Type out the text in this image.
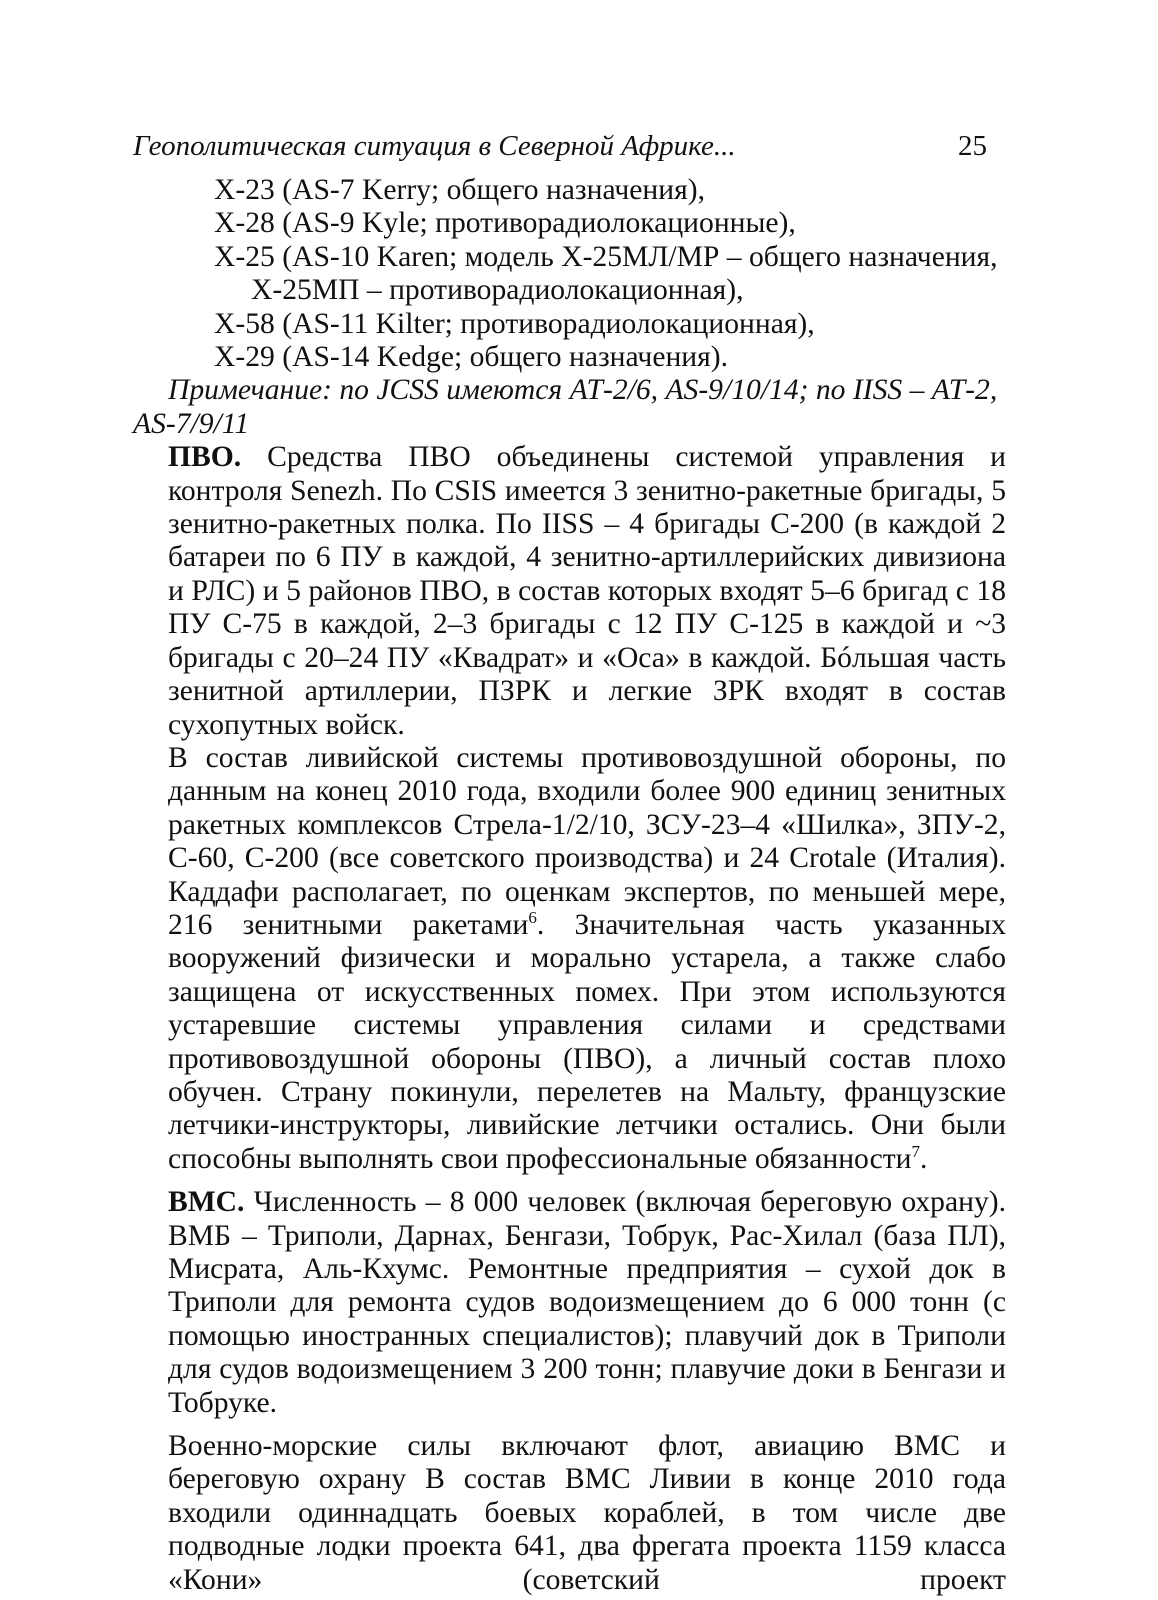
Геополитическая ситуация в Северной Африке...	25
Х-23 (AS-7 Kerry; общего назначения),
Х-28 (AS-9 Kyle; противорадиолокационные),
Х-25 (AS-10 Karen; модель Х-25МЛ/МР – общего назначения,
Х-25МП – противорадиолокационная),
Х-58 (AS-11 Kilter; противорадиолокационная),
Х-29 (AS-14 Kedge; общего назначения).
Примечание: по JCSS имеются АТ-2/6, AS-9/10/14; по IISS – АТ-2,
AS-7/9/11

ПВО. Средства ПВО объединены системой управления и контроля Senezh. По CSIS имеется 3 зенитно-ракетные бригады, 5 зенитно-ракетных полка. По IISS – 4 бригады С-200 (в каждой 2 батареи по 6 ПУ в каждой, 4 зенитно-артиллерийских дивизиона и РЛС) и 5 районов ПВО, в состав которых входят 5–6 бригад с 18 ПУ С-75 в каждой, 2–3 бригады с 12 ПУ С-125 в каждой и ~3 бригады с 20–24 ПУ «Квадрат» и «Оса» в каждой. Бóльшая часть зенитной артиллерии, ПЗРК и легкие ЗРК входят в состав сухопутных войск.

В состав ливийской системы противовоздушной обороны, по данным на конец 2010 года, входили более 900 единиц зенитных ракетных комплексов Стрела-1/2/10, ЗСУ-23–4 «Шилка», ЗПУ-2, С-60, С-200 (все советского производства) и 24 Crotale (Италия). Каддафи располагает, по оценкам экспертов, по меньшей мере, 216 зенитными ракетами$^6$. Значительная часть указанных вооружений физически и морально устарела, а также слабо защищена от искусственных помех. При этом используются устаревшие системы управления силами и средствами противовоздушной обороны (ПВО), а личный состав плохо обучен. Страну покинули, перелетев на Мальту, французские летчики-инструкторы, ливийские летчики остались. Они были способны выполнять свои профессиональные обязанности$^7$.

ВМС. Численность – 8 000 человек (включая береговую охрану). ВМБ – Триполи, Дарнах, Бенгази, Тобрук, Рас-Хилал (база ПЛ), Мисрата, Аль-Кхумс. Ремонтные предприятия – сухой док в Триполи для ремонта судов водоизмещением до 6 000 тонн (с помощью иностранных специалистов); плавучий док в Триполи для судов водоизмещением 3 200 тонн; плавучие доки в Бенгази и Тобруке.

Военно-морские силы включают флот, авиацию ВМС и береговую охрану В состав ВМС Ливии в конце 2010 года входили одиннадцать боевых кораблей, в том числе две подводные лодки проекта 641, два фрегата проекта 1159 класса «Кони» (советский проект
